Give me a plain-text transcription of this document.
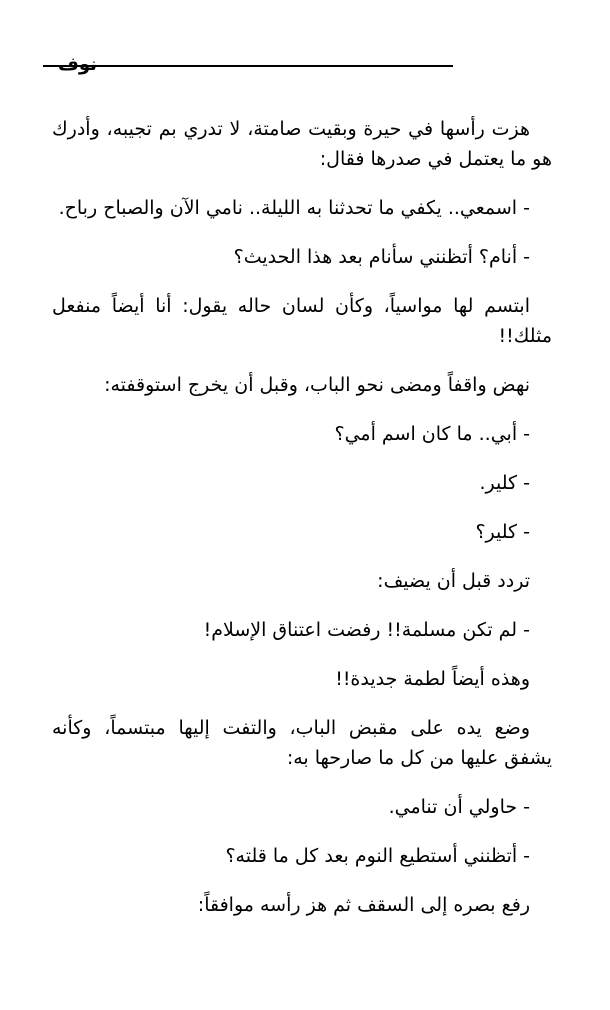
نوف

هزت رأسها في حيرة وبقيت صامتة، لا تدري بم تجيبه، وأدرك هو ما يعتمل في صدرها فقال:

- اسمعي.. يكفي ما تحدثنا به الليلة.. نامي الآن والصباح رباح.

- أنام؟ أتظنني سأنام بعد هذا الحديث؟

ابتسم لها مواسياً، وكأن لسان حاله يقول: أنا أيضاً منفعل مثلك!!

نهض واقفاً ومضى نحو الباب، وقبل أن يخرج استوقفته:

- أبي.. ما كان اسم أمي؟

- كلير.

- كلير؟

تردد قبل أن يضيف:

- لم تكن مسلمة!! رفضت اعتناق الإسلام!

وهذه أيضاً لطمة جديدة!!

وضع يده على مقبض الباب، والتفت إليها مبتسماً، وكأنه يشفق عليها من كل ما صارحها به:

- حاولي أن تنامي.

- أتظنني أستطيع النوم بعد كل ما قلته؟

رفع بصره إلى السقف ثم هز رأسه موافقاً:
